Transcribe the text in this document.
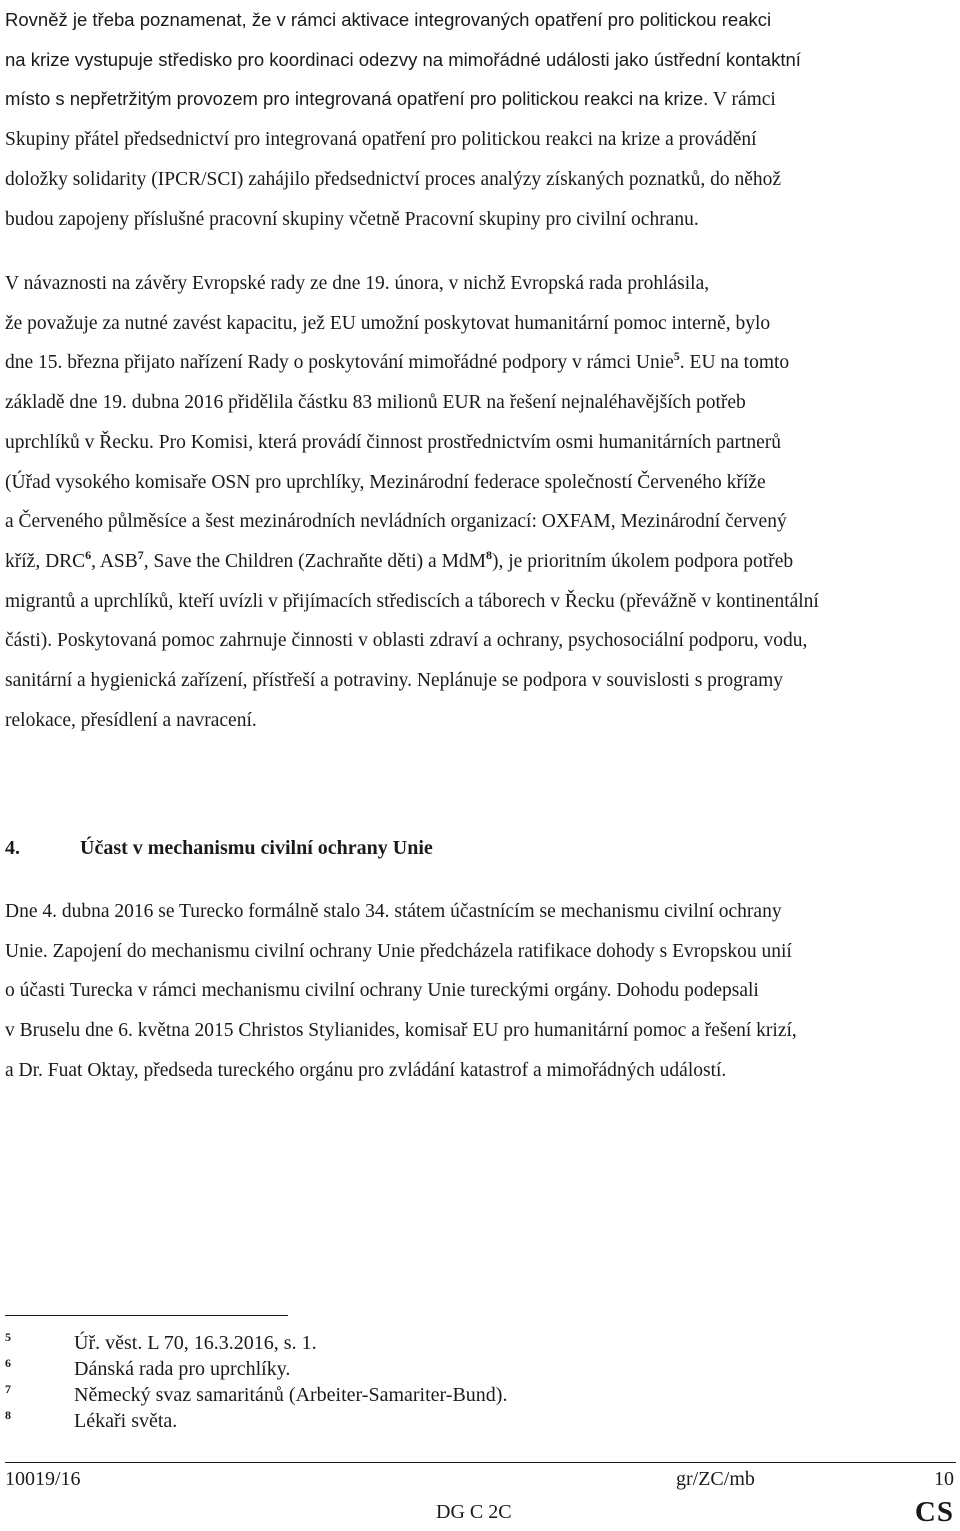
Rovněž je třeba poznamenat, že v rámci aktivace integrovaných opatření pro politickou reakci
na krize vystupuje středisko pro koordinaci odezvy na mimořádné události jako ústřední kontaktní
místo s nepřetržitým provozem pro integrovaná opatření pro politickou reakci na krize. V rámci
Skupiny přátel předsednictví pro integrovaná opatření pro politickou reakci na krize a provádění
doložky solidarity (IPCR/SCI) zahájilo předsednictví proces analýzy získaných poznatků, do něhož
budou zapojeny příslušné pracovní skupiny včetně Pracovní skupiny pro civilní ochranu.
V návaznosti na závěry Evropské rady ze dne 19. února, v nichž Evropská rada prohlásila,
že považuje za nutné zavést kapacitu, jež EU umožní poskytovat humanitární pomoc interně, bylo
dne 15. března přijato nařízení Rady o poskytování mimořádné podpory v rámci Unie$^5$. EU na tomto
základě dne 19. dubna 2016 přidělila částku 83 milionů EUR na řešení nejnaléhavějších potřeb
uprchlíků v Řecku. Pro Komisi, která provádí činnost prostřednictvím osmi humanitárních partnerů
(Úřad vysokého komisaře OSN pro uprchlíky, Mezinárodní federace společností Červeného kříže
a Červeného půlměsíce a šest mezinárodních nevládních organizací: OXFAM, Mezinárodní červený
kříž, DRC$^6$, ASB$^7$, Save the Children (Zachraňte děti) a MdM$^8$), je prioritním úkolem podpora potřeb
migrantů a uprchlíků, kteří uvízli v přijímacích střediscích a táborech v Řecku (převážně v kontinentální
části). Poskytovaná pomoc zahrnuje činnosti v oblasti zdraví a ochrany, psychosociální podporu, vodu,
sanitární a hygienická zařízení, přístřeší a potraviny. Neplánuje se podpora v souvislosti s programy
relokace, přesídlení a navracení.
4.	Účast v mechanismu civilní ochrany Unie
Dne 4. dubna 2016 se Turecko formálně stalo 34. státem účastnícím se mechanismu civilní ochrany
Unie. Zapojení do mechanismu civilní ochrany Unie předcházela ratifikace dohody s Evropskou unií
o účasti Turecka v rámci mechanismu civilní ochrany Unie tureckými orgány. Dohodu podepsali
v Bruselu dne 6. května 2015 Christos Stylianides, komisař EU pro humanitární pomoc a řešení krizí,
a Dr. Fuat Oktay, předseda tureckého orgánu pro zvládání katastrof a mimořádných událostí.
5	Úř. věst. L 70, 16.3.2016, s. 1.
6	Dánská rada pro uprchlíky.
7	Německý svaz samaritánů (Arbeiter-Samariter-Bund).
8	Lékaři světa.
10019/16	gr/ZC/mb	10
DG C 2C	CS
